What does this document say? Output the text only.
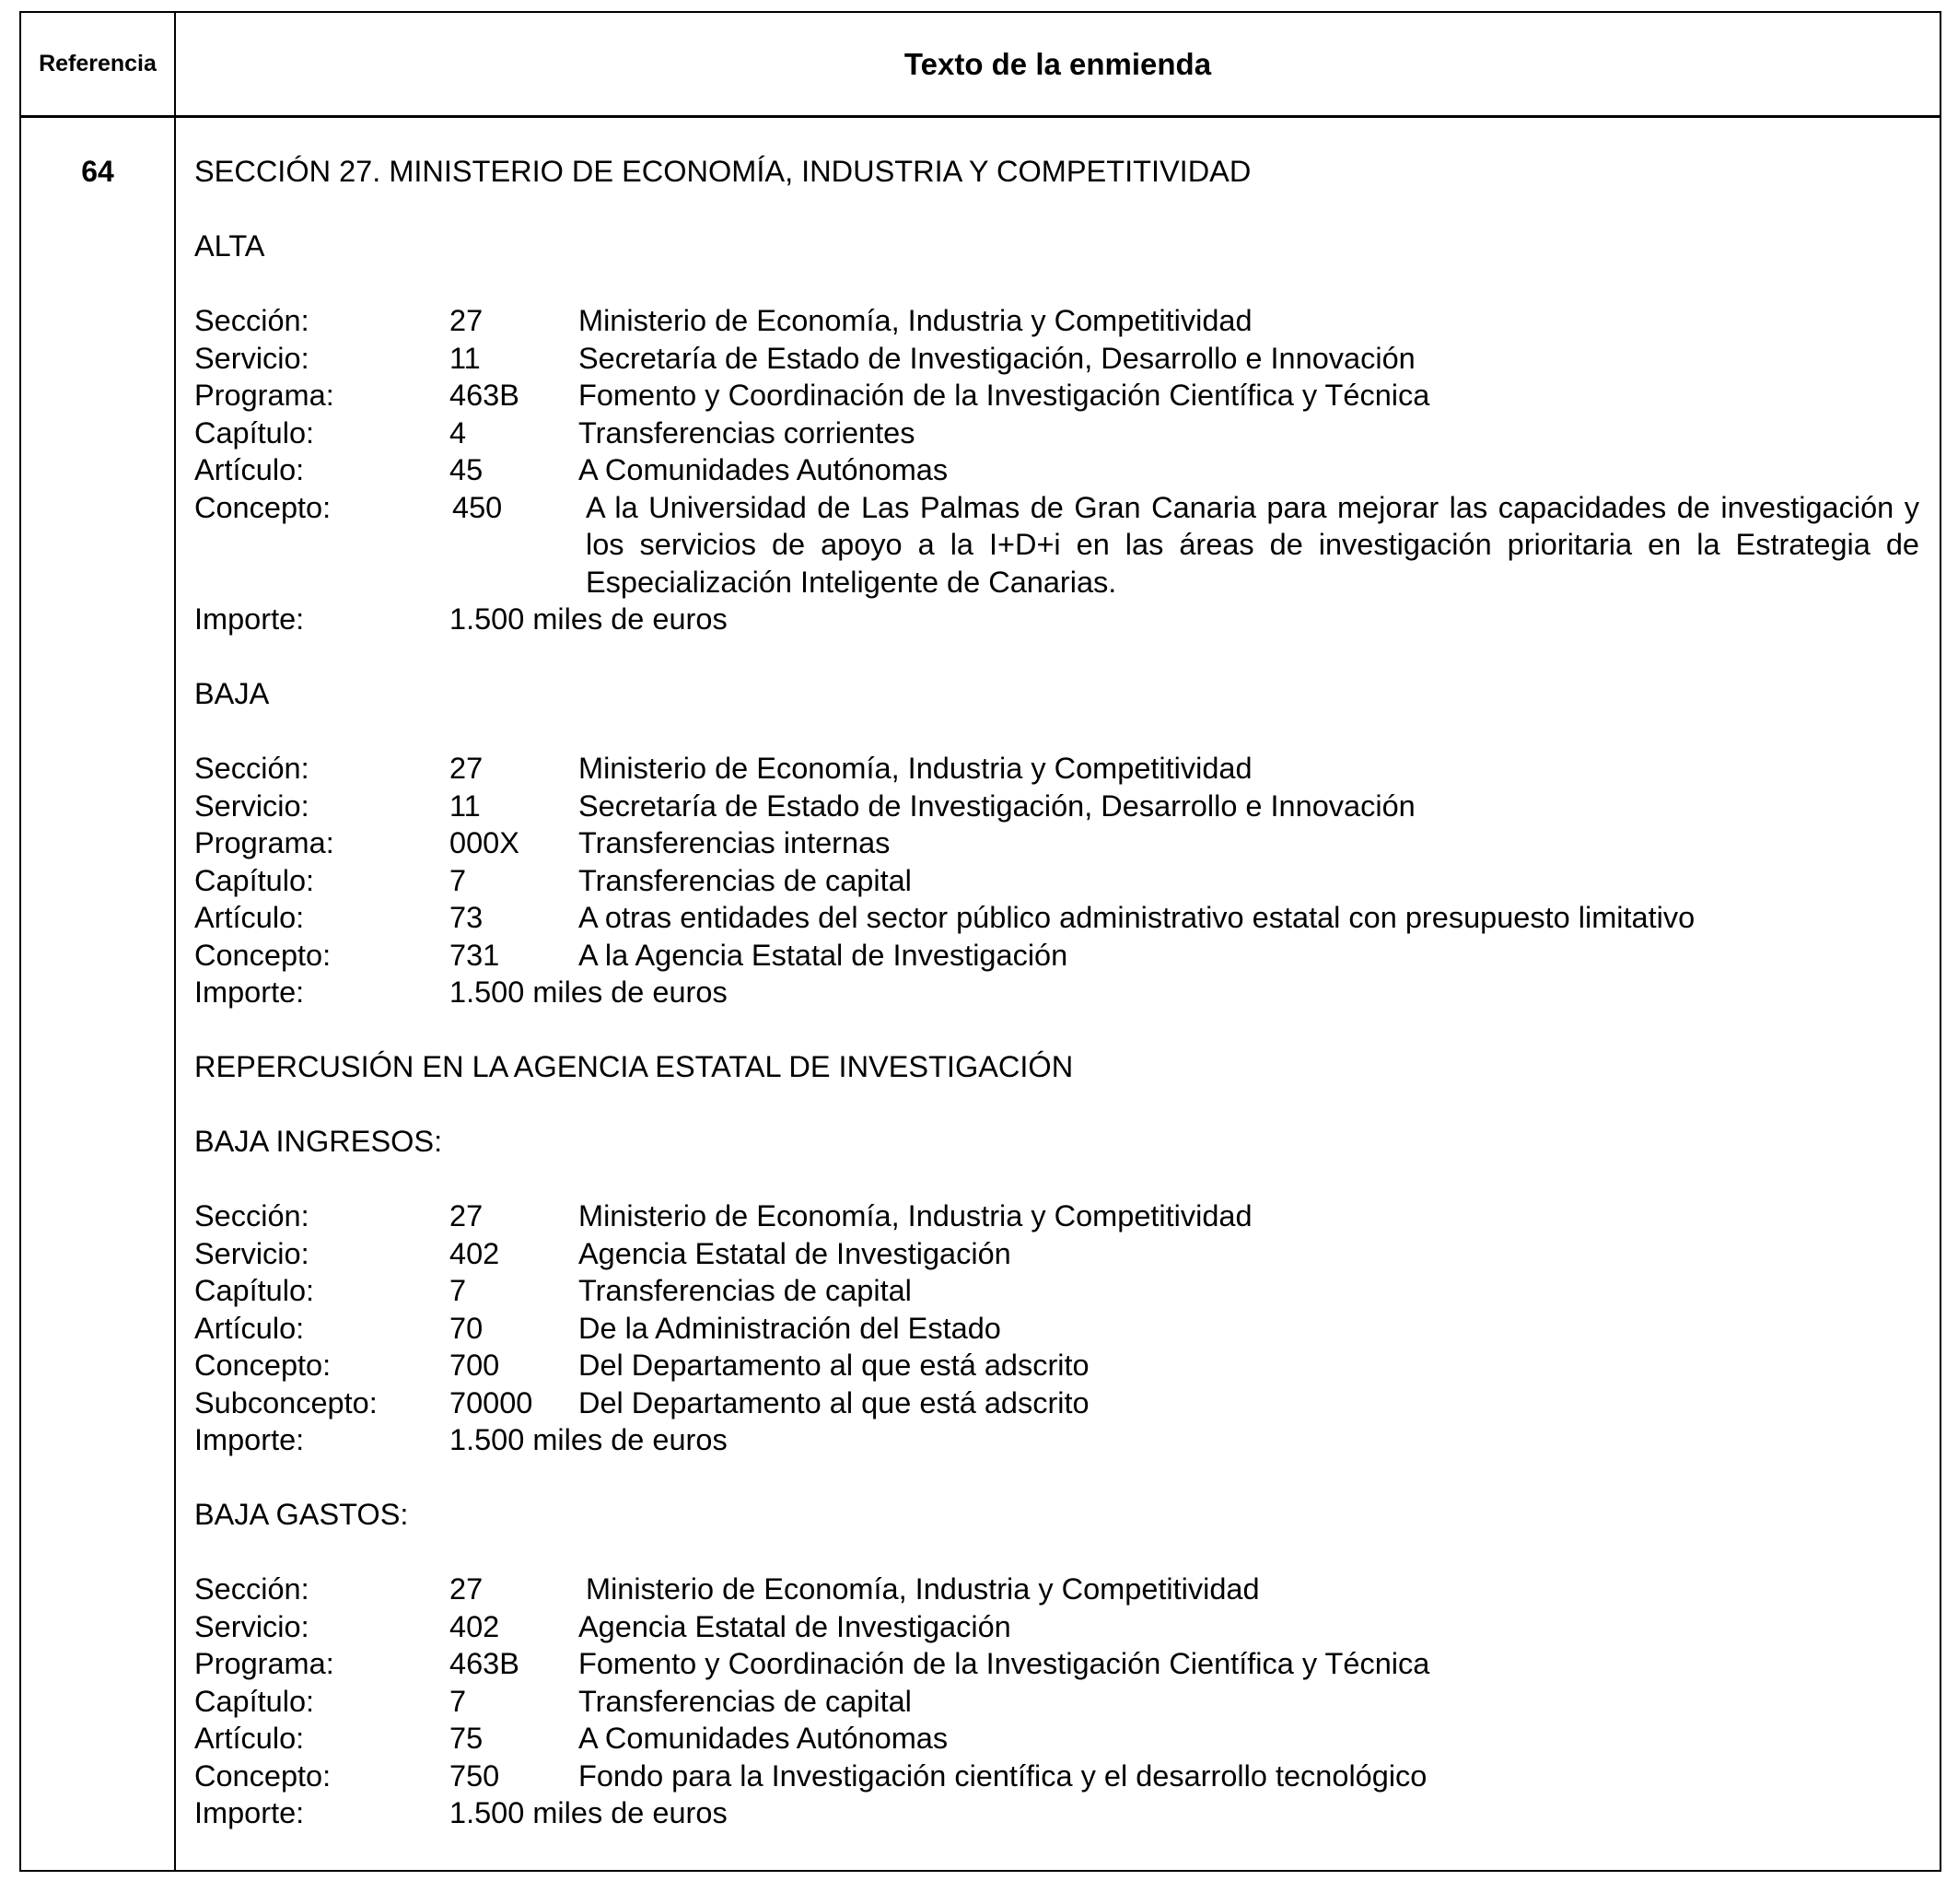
Referencia	Texto de la enmienda
64	SECCIÓN 27. MINISTERIO DE ECONOMÍA, INDUSTRIA Y COMPETITIVIDAD
ALTA
Sección:	27	Ministerio de Economía, Industria y Competitividad
Servicio:	11	Secretaría de Estado de Investigación, Desarrollo e Innovación
Programa:	463B	Fomento y Coordinación de la Investigación Científica y Técnica
Capítulo:	4	Transferencias corrientes
Artículo:	45	A Comunidades Autónomas
Concepto:	450	A la Universidad de Las Palmas de Gran Canaria para mejorar las capacidades de investigación y los servicios de apoyo a la I+D+i en las áreas de investigación prioritaria en la Estrategia de Especialización Inteligente de Canarias.
Importe:	1.500 miles de euros
BAJA
Sección:	27	Ministerio de Economía, Industria y Competitividad
Servicio:	11	Secretaría de Estado de Investigación, Desarrollo e Innovación
Programa:	000X	Transferencias internas
Capítulo:	7	Transferencias de capital
Artículo:	73	A otras entidades del sector público administrativo estatal con presupuesto limitativo
Concepto:	731	A la Agencia Estatal de Investigación
Importe:	1.500 miles de euros
REPERCUSIÓN EN LA AGENCIA ESTATAL DE INVESTIGACIÓN
BAJA INGRESOS:
Sección:	27	Ministerio de Economía, Industria y Competitividad
Servicio:	402	Agencia Estatal de Investigación
Capítulo:	7	Transferencias de capital
Artículo:	70	De la Administración del Estado
Concepto:	700	Del Departamento al que está adscrito
Subconcepto:	70000	Del Departamento al que está adscrito
Importe:	1.500 miles de euros
BAJA GASTOS:
Sección:	27	Ministerio de Economía, Industria y Competitividad
Servicio:	402	Agencia Estatal de Investigación
Programa:	463B	Fomento y Coordinación de la Investigación Científica y Técnica
Capítulo:	7	Transferencias de capital
Artículo:	75	A Comunidades Autónomas
Concepto:	750	Fondo para la Investigación científica y el desarrollo tecnológico
Importe:	1.500 miles de euros
